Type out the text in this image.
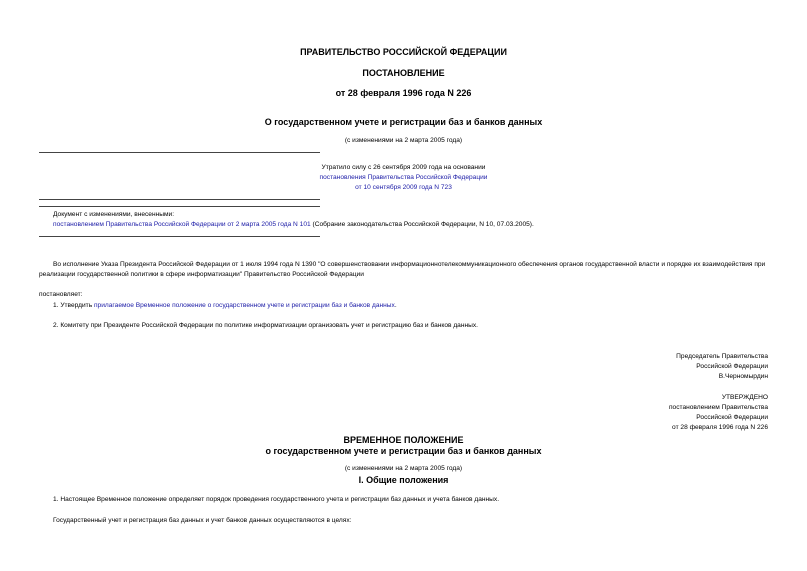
ПРАВИТЕЛЬСТВО РОССИЙСКОЙ ФЕДЕРАЦИИ
ПОСТАНОВЛЕНИЕ
от 28 февраля 1996 года N 226
О государственном учете и регистрации баз и банков данных
(с изменениями на 2 марта 2005 года)
Утратило силу с 26 сентября 2009 года на основании
постановления Правительства Российской Федерации
от 10 сентября 2009 года N 723
Документ с изменениями, внесенными:
постановлением Правительства Российской Федерации от 2 марта 2005 года N 101 (Собрание законодательства Российской Федерации, N 10, 07.03.2005).
Во исполнение Указа Президента Российской Федерации от 1 июля 1994 года N 1390 "О совершенствовании информационнотелекоммуникационного обеспечения органов государственной власти и порядке их взаимодействия при реализации государственной политики в сфере информатизации" Правительство Российской Федерации
постановляет:
1. Утвердить прилагаемое Временное положение о государственном учете и регистрации баз и банков данных.
2. Комитету при Президенте Российской Федерации по политике информатизации организовать учет и регистрацию баз и банков данных.
Председатель Правительства
Российской Федерации
В.Черномырдин
УТВЕРЖДЕНО
постановлением Правительства
Российской Федерации
от 28 февраля 1996 года N 226
ВРЕМЕННОЕ ПОЛОЖЕНИЕ
о государственном учете и регистрации баз и банков данных
(с изменениями на 2 марта 2005 года)
I. Общие положения
1. Настоящее Временное положение определяет порядок проведения государственного учета и регистрации баз данных и учета банков данных.
Государственный учет и регистрация баз данных и учет банков данных осуществляются в целях:
